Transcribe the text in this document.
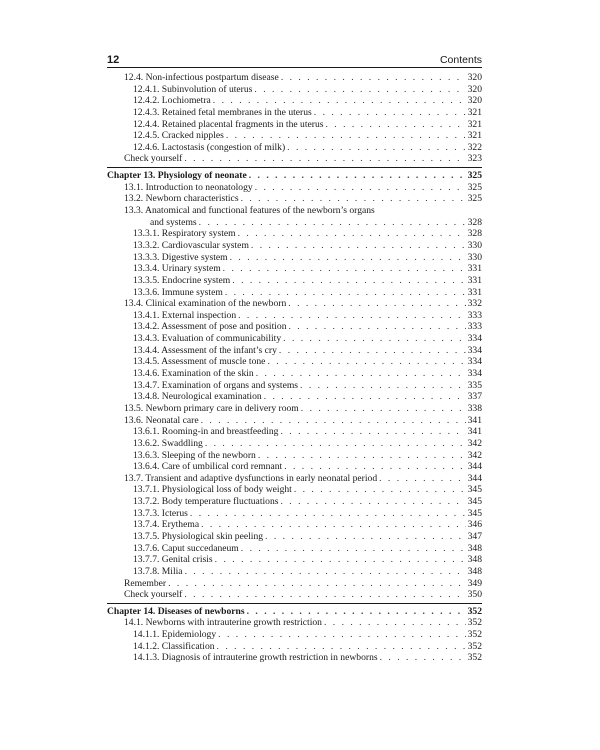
12	Contents
12.4. Non-infectious postpartum disease . . .	320
12.4.1. Subinvolution of uterus . . .	320
12.4.2. Lochiometra . . .	320
12.4.3. Retained fetal membranes in the uterus . . .	321
12.4.4. Retained placental fragments in the uterus . . .	321
12.4.5. Cracked nipples . . .	321
12.4.6. Lactostasis (congestion of milk) . . .	322
Check yourself . . .	323
Chapter 13. Physiology of neonate . . .	325
13.1. Introduction to neonatology . . .	325
13.2. Newborn characteristics . . .	325
13.3. Anatomical and functional features of the newborn’s organs
and systems . . .	328
13.3.1. Respiratory system . . .	328
13.3.2. Cardiovascular system . . .	330
13.3.3. Digestive system . . .	330
13.3.4. Urinary system . . .	331
13.3.5. Endocrine system . . .	331
13.3.6. Immune system . . .	331
13.4. Clinical examination of the newborn . . .	332
13.4.1. External inspection . . .	333
13.4.2. Assessment of pose and position . . .	333
13.4.3. Evaluation of communicability . . .	334
13.4.4. Assessment of the infant’s cry . . .	334
13.4.5. Assessment of muscle tone . . .	334
13.4.6. Examination of the skin . . .	334
13.4.7. Examination of organs and systems . . .	335
13.4.8. Neurological examination . . .	337
13.5. Newborn primary care in delivery room . . .	338
13.6. Neonatal care . . .	341
13.6.1. Rooming-in and breastfeeding . . .	341
13.6.2. Swaddling . . .	342
13.6.3. Sleeping of the newborn . . .	342
13.6.4. Care of umbilical cord remnant . . .	344
13.7. Transient and adaptive dysfunctions in early neonatal period . . .	344
13.7.1. Physiological loss of body weight . . .	345
13.7.2. Body temperature fluctuations . . .	345
13.7.3. Icterus . . .	345
13.7.4. Erythema . . .	346
13.7.5. Physiological skin peeling . . .	347
13.7.6. Caput succedaneum . . .	348
13.7.7. Genital crisis . . .	348
13.7.8. Milia . . .	348
Remember . . .	349
Check yourself . . .	350
Chapter 14. Diseases of newborns . . .	352
14.1. Newborns with intrauterine growth restriction . . .	352
14.1.1. Epidemiology . . .	352
14.1.2. Classification . . .	352
14.1.3. Diagnosis of intrauterine growth restriction in newborns . . .	352
